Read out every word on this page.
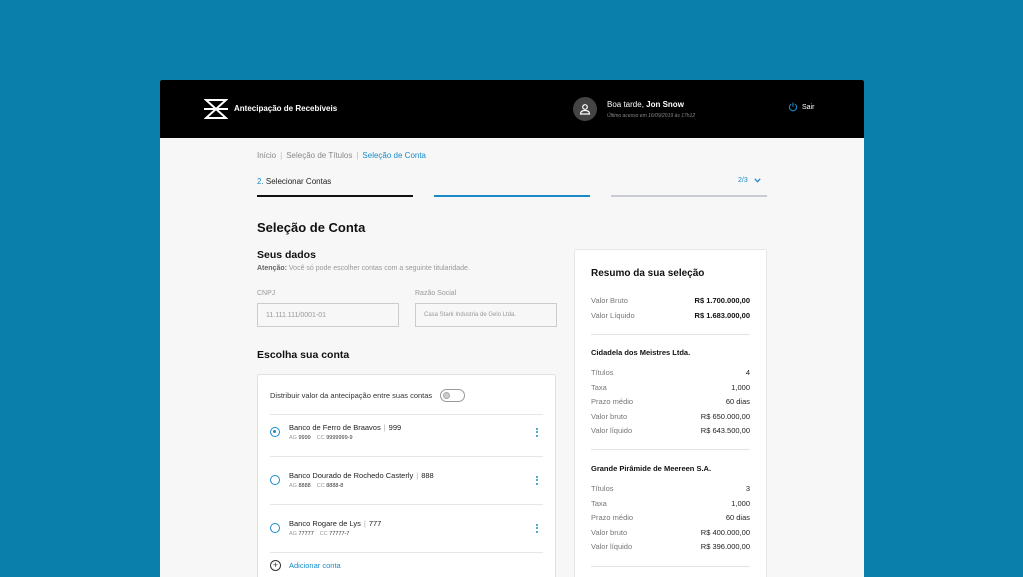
Antecipação de Recebíveis	Boa tarde, Jon Snow
Último acesso em 16/09/2019 às 17h12
Sair
Início | Seleção de Títulos | Seleção de Conta
2. Selecionar Contas	2/3
Seleção de Conta
Seus dados
Atenção: Você só pode escolher contas com a seguinte titularidade.
CNPJ
11.111.111/0001-01
Razão Social
Casa Stark Industria de Gelo Ltda.
Escolha sua conta
Distribuir valor da antecipação entre suas contas
Banco de Ferro de Braavos | 999
AG 9999 CC 9999999-9
Banco Dourado de Rochedo Casterly | 888
AG 8888 CC 8888-8
Banco Rogare de Lys | 777
AG 77777 CC 77777-7
+	Adicionar conta
Resumo da sua seleção
Valor Bruto	R$ 1.700.000,00
Valor Líquido	R$ 1.683.000,00
Cidadela dos Meistres Ltda.
Títulos	4
Taxa	1,000
Prazo médio	60 dias
Valor bruto	R$ 650.000,00
Valor líquido	R$ 643.500,00
Grande Pirâmide de Meereen S.A.
Títulos	3
Taxa	1,000
Prazo médio	60 dias
Valor bruto	R$ 400.000,00
Valor líquido	R$ 396.000,00
